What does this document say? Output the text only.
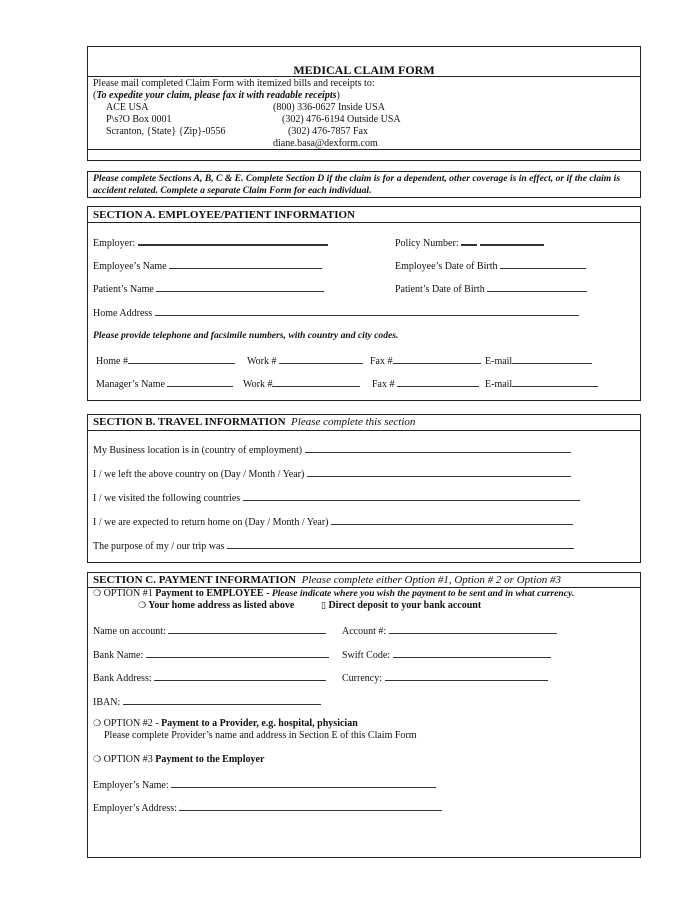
MEDICAL CLAIM FORM
Please mail completed Claim Form with itemized bills and receipts to:
(To expedite your claim, please fax it with readable receipts)
ACE USA
P\s?O Box 0001
Scranton, {State} {Zip}-0556
(800) 336-0627 Inside USA
(302) 476-6194 Outside USA
(302) 476-7857 Fax
diane.basa@dexform.com
Please complete Sections A, B, C & E. Complete Section D if the claim is for a dependent, other coverage is in effect, or if the claim is accident related. Complete a separate Claim Form for each individual.
SECTION A. EMPLOYEE/PATIENT INFORMATION
Employer:	Policy Number:
Employee’s Name	Employee’s Date of Birth
Patient’s Name	Patient’s Date of Birth
Home Address
Please provide telephone and facsimile numbers, with country and city codes.
Home #	Work #	Fax #	E-mail
Manager’s Name	Work #	Fax #	E-mail
SECTION B. TRAVEL INFORMATION Please complete this section
My Business location is in (country of employment)
I / we left the above country on (Day / Month / Year)
I / we visited the following countries
I / we are expected to return home on (Day / Month / Year)
The purpose of my / our trip was
SECTION C. PAYMENT INFORMATION Please complete either Option #1, Option # 2 or Option #3
❍ OPTION #1 Payment to EMPLOYEE - Please indicate where you wish the payment to be sent and in what currency.
❍ Your home address as listed above	▯ Direct deposit to your bank account
Name on account:	Account #:
Bank Name:	Swift Code:
Bank Address:	Currency:
IBAN:
❍ OPTION #2 - Payment to a Provider, e.g. hospital, physician
Please complete Provider’s name and address in Section E of this Claim Form
❍ OPTION #3 Payment to the Employer
Employer’s Name:
Employer’s Address:
